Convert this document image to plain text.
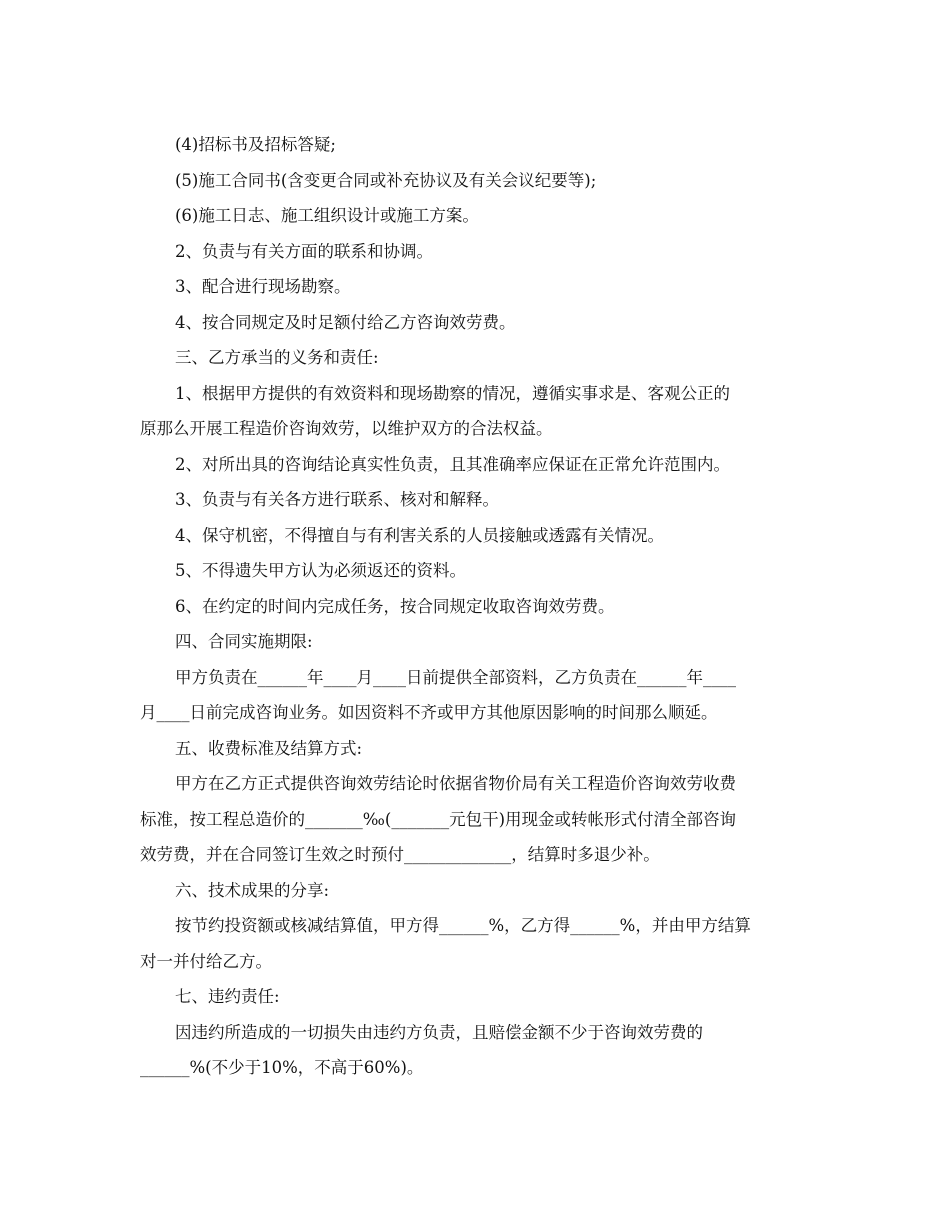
(4)招标书及招标答疑;
(5)施工合同书(含变更合同或补充协议及有关会议纪要等);
(6)施工日志、施工组织设计或施工方案。
2、负责与有关方面的联系和协调。
3、配合进行现场勘察。
4、按合同规定及时足额付给乙方咨询效劳费。
三、乙方承当的义务和责任:
1、根据甲方提供的有效资料和现场勘察的情况，遵循实事求是、客观公正的
原那么开展工程造价咨询效劳，以维护双方的合法权益。
2、对所出具的咨询结论真实性负责，且其准确率应保证在正常允许范围内。
3、负责与有关各方进行联系、核对和解释。
4、保守机密，不得擅自与有利害关系的人员接触或透露有关情况。
5、不得遗失甲方认为必须返还的资料。
6、在约定的时间内完成任务，按合同规定收取咨询效劳费。
四、合同实施期限:
甲方负责在______年____月____日前提供全部资料，乙方负责在______年____
月____日前完成咨询业务。如因资料不齐或甲方其他原因影响的时间那么顺延。
五、收费标准及结算方式:
甲方在乙方正式提供咨询效劳结论时依据省物价局有关工程造价咨询效劳收费
标准，按工程总造价的_______‰(_______元包干)用现金或转帐形式付清全部咨询
效劳费，并在合同签订生效之时预付_____________，结算时多退少补。
六、技术成果的分享:
按节约投资额或核减结算值，甲方得______%，乙方得______%，并由甲方结算
对一并付给乙方。
七、违约责任:
因违约所造成的一切损失由违约方负责，且赔偿金额不少于咨询效劳费的
______%(不少于10%，不高于60%)。
